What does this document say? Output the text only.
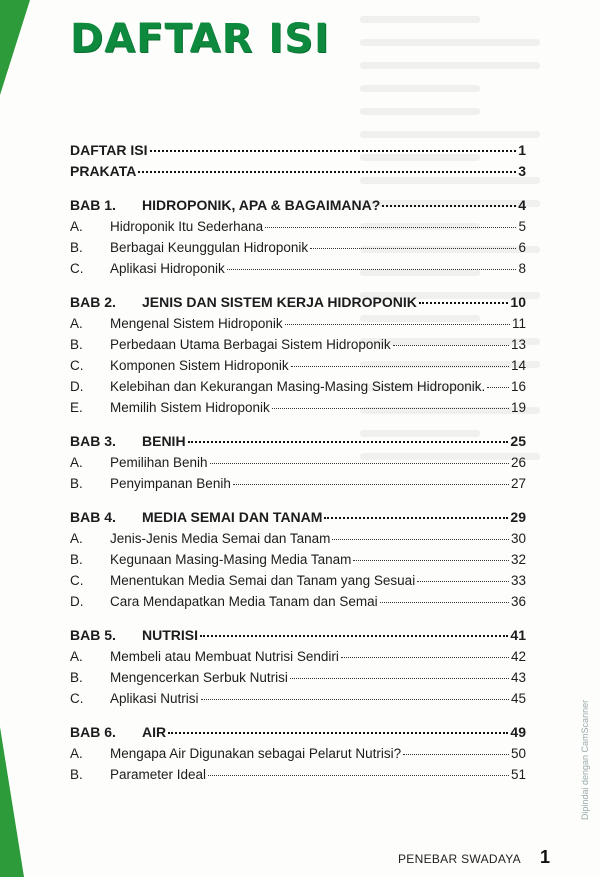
DAFTAR ISI
DAFTAR ISI	1
PRAKATA	3
BAB 1.	HIDROPONIK, APA & BAGAIMANA?	4
A.	Hidroponik Itu Sederhana	5
B.	Berbagai Keunggulan Hidroponik	6
C.	Aplikasi Hidroponik	8
BAB 2.	JENIS DAN SISTEM KERJA HIDROPONIK	10
A.	Mengenal Sistem Hidroponik	11
B.	Perbedaan Utama Berbagai Sistem Hidroponik	13
C.	Komponen Sistem Hidroponik	14
D.	Kelebihan dan Kekurangan Masing-Masing Sistem Hidroponik. 16
E.	Memilih Sistem Hidroponik	19
BAB 3.	BENIH	25
A.	Pemilihan Benih	26
B.	Penyimpanan Benih	27
BAB 4.	MEDIA SEMAI DAN TANAM	29
A.	Jenis-Jenis Media Semai dan Tanam	30
B.	Kegunaan Masing-Masing Media Tanam	32
C.	Menentukan Media Semai dan Tanam yang Sesuai	33
D.	Cara Mendapatkan Media Tanam dan Semai	36
BAB 5.	NUTRISI	41
A.	Membeli atau Membuat Nutrisi Sendiri	42
B.	Mengencerkan Serbuk Nutrisi	43
C.	Aplikasi Nutrisi	45
BAB 6.	AIR	49
A.	Mengapa Air Digunakan sebagai Pelarut Nutrisi?	50
B.	Parameter Ideal	51
PENEBAR SWADAYA 1
Dipindai dengan CamScanner
